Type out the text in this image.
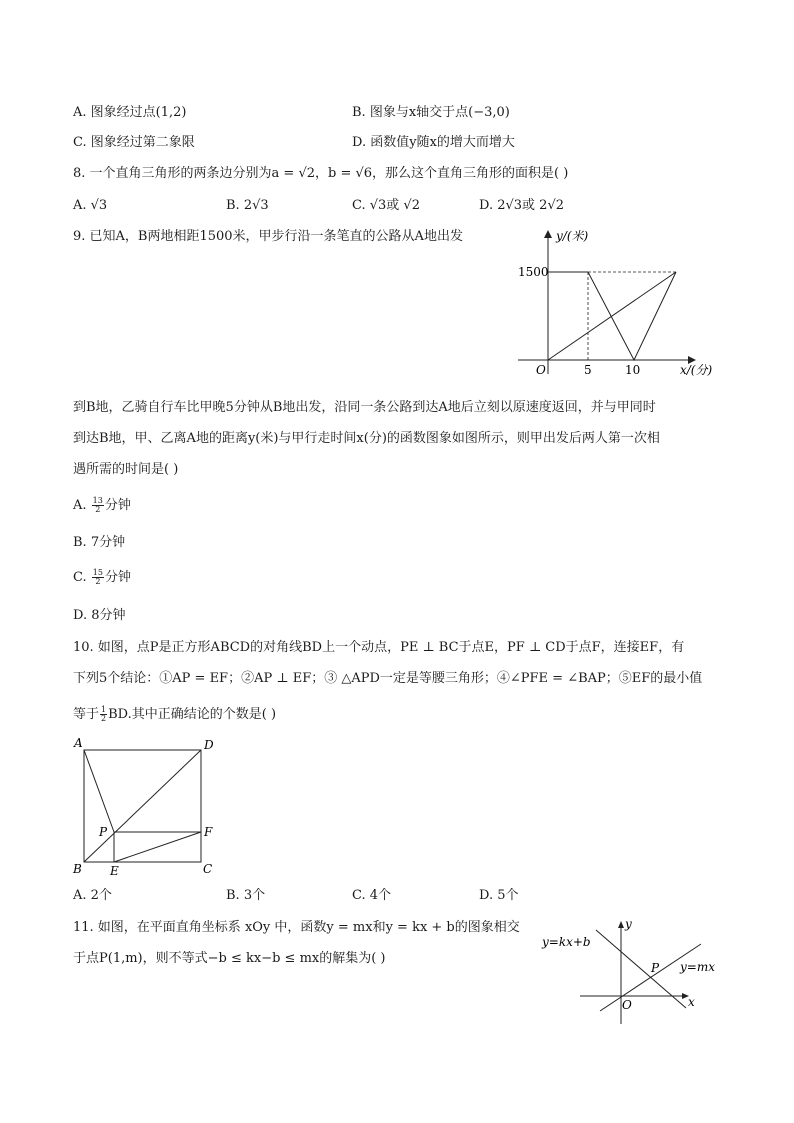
A. 图象经过点(1,2)	B. 图象与x轴交于点(−3,0)
C. 图象经过第二象限	D. 函数值y随x的增大而增大
8. 一个直角三角形的两条边分别为a = √2，b = √6，那么这个直角三角形的面积是( )
A. √3	B. 2√3	C. √3或 √2	D. 2√3或 2√2
9. 已知A，B两地相距1500米，甲步行沿一条笔直的公路从A地出发	y/(米)
1500
O	5	10	x/(分)
到B地，乙骑自行车比甲晚5分钟从B地出发，沿同一条公路到达A地后立刻以原速度返回，并与甲同时
到达B地，甲、乙离A地的距离y(米)与甲行走时间x(分)的函数图象如图所示，则甲出发后两人第一次相
遇所需的时间是( )
A. $\frac{13}{2}$ 分钟
B. 7分钟
C. $\frac{15}{2}$ 分钟
D. 8分钟
10. 如图，点P是正方形ABCD的对角线BD上一个动点，PE ⊥ BC于点E，PF ⊥ CD于点F，连接EF，有
下列5个结论：①AP = EF；②AP ⊥ EF；③ △APD一定是等腰三角形；④∠PFE = ∠BAP；⑤EF的最小值
等于 $\frac{1}{2}$ BD.其中正确结论的个数是( )
A	D
B	C
P
E
F
A. 2个	B. 3个	C. 4个	D. 5个
11. 如图，在平面直角坐标系 xOy 中，函数y = mx和y = kx + b的图象相交
于点P(1,m)，则不等式−b ≤ kx−b ≤ mx的解集为( )
y
x
O
P
y=kx+b
y=mx
